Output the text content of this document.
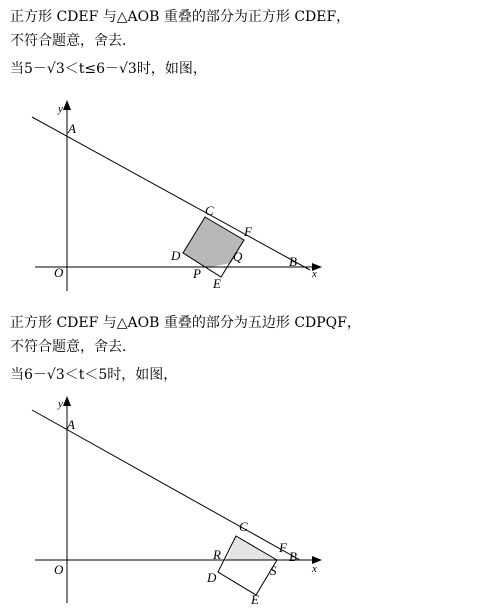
正方形 CDEF 与△AOB 重叠的部分为正方形 CDEF，
不符合题意，舍去．
当5－√3＜t≤6－√3时，如图，
y
x
O
A
B
C
D
E
F
P
Q
正方形 CDEF 与△AOB 重叠的部分为五边形 CDPQF，
不符合题意，舍去．
当6－√3＜t＜5时，如图，
y
x
O
A
B
C
D
E
F
R
S
